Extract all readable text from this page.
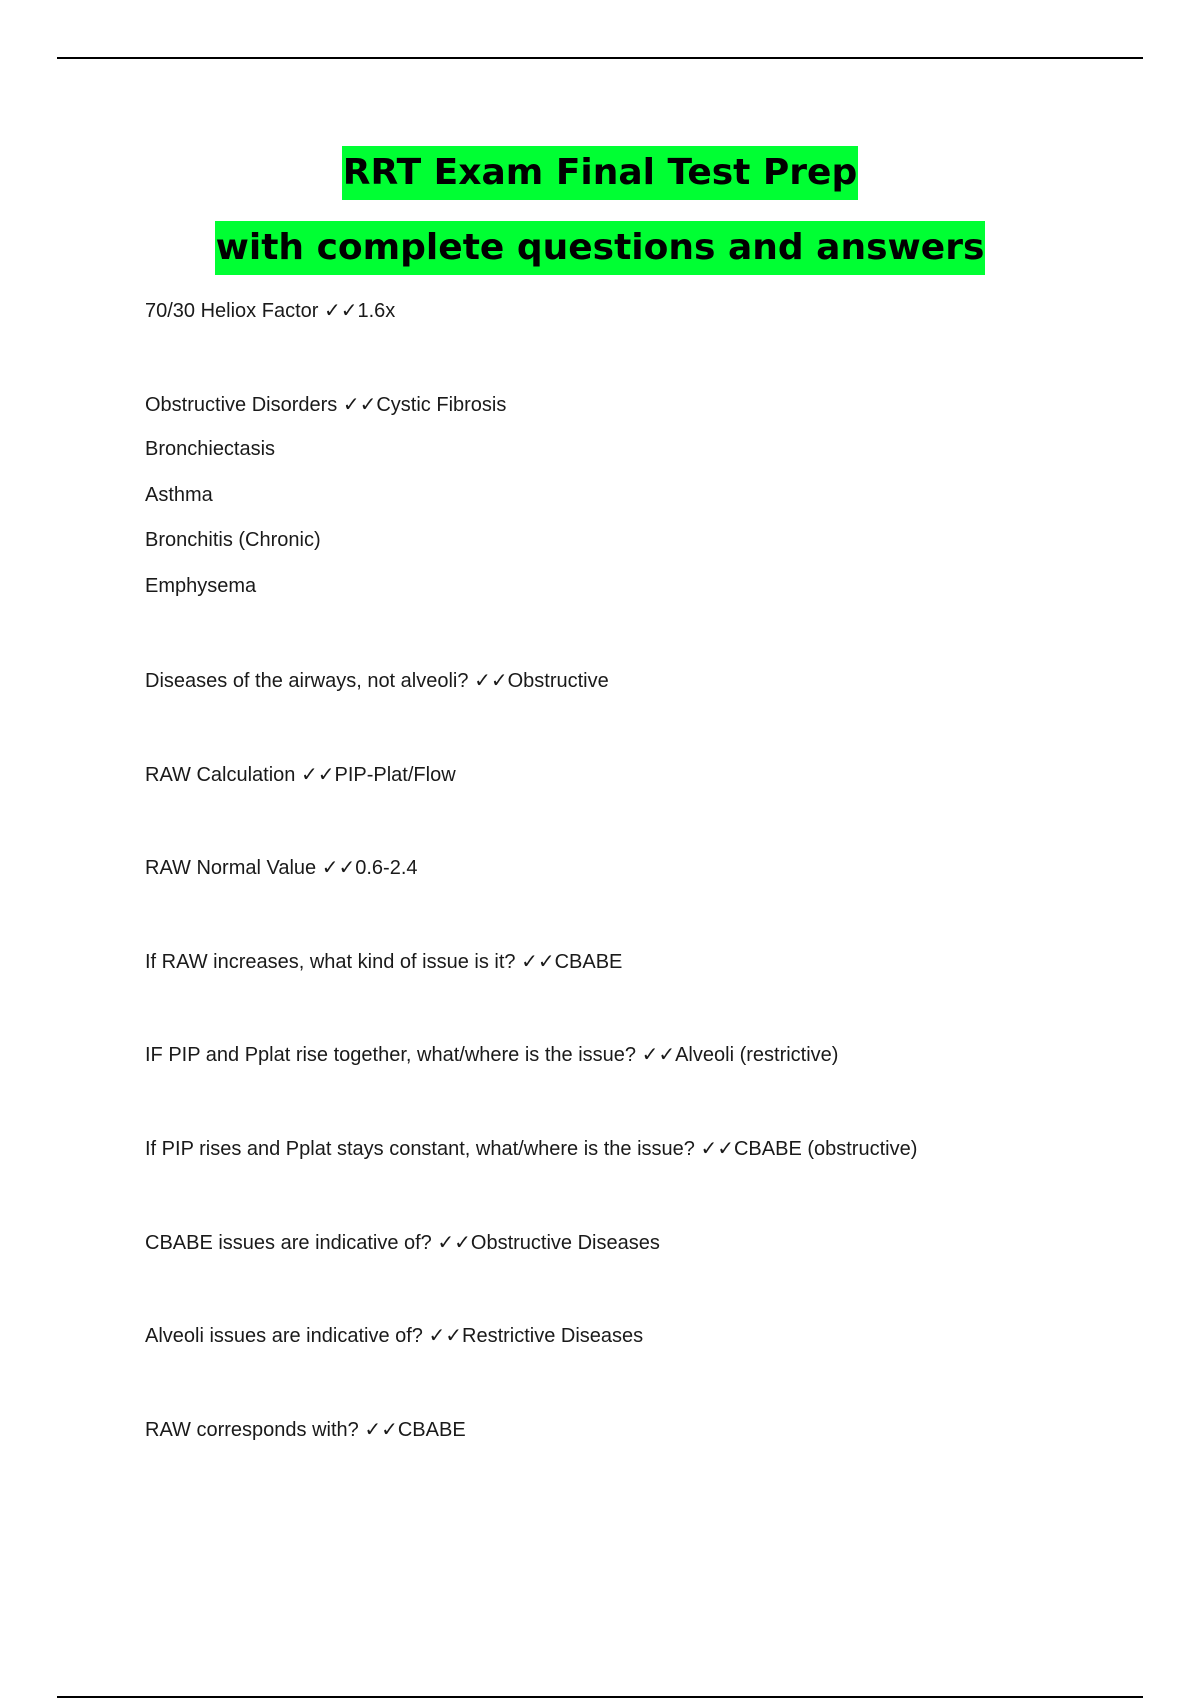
RRT Exam Final Test Prep
with complete questions and answers
70/30 Heliox Factor ✓✓1.6x
Obstructive Disorders ✓✓Cystic Fibrosis
Bronchiectasis
Asthma
Bronchitis (Chronic)
Emphysema
Diseases of the airways, not alveoli? ✓✓Obstructive
RAW Calculation ✓✓PIP-Plat/Flow
RAW Normal Value ✓✓0.6-2.4
If RAW increases, what kind of issue is it? ✓✓CBABE
IF PIP and Pplat rise together, what/where is the issue? ✓✓Alveoli (restrictive)
If PIP rises and Pplat stays constant, what/where is the issue? ✓✓CBABE (obstructive)
CBABE issues are indicative of? ✓✓Obstructive Diseases
Alveoli issues are indicative of? ✓✓Restrictive Diseases
RAW corresponds with? ✓✓CBABE
